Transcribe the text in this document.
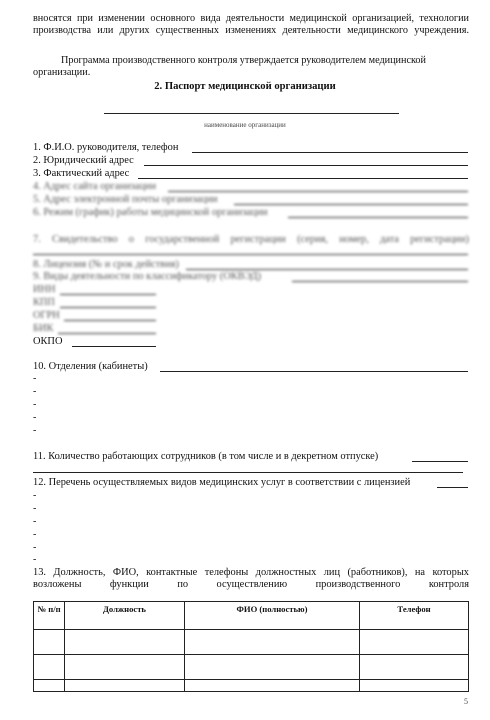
вносятся при изменении основного вида деятельности медицинской организацией, технологии производства или других существенных изменениях деятельности медицинского учреждения.
Программа производственного контроля утверждается руководителем медицинской организации.
2. Паспорт медицинской организации
наименование организации
1. Ф.И.О. руководителя, телефон
2. Юридический адрес
3. Фактический адрес
4. Адрес сайта организации
5. Адрес электронной почты организации
6. Режим (график) работы медицинской организации
7. Свидетельство о государственной регистрации (серия, номер, дата регистрации)
8. Лицензия (№ и срок действия)
9. Виды деятельности по классификатору (ОКВЭД)
ИНН
КПП
ОГРН
БИК
ОКПО
10. Отделения (кабинеты)
-
-
-
-
-
11. Количество работающих сотрудников (в том числе и в декретном отпуске)
12. Перечень осуществляемых видов медицинских услуг в соответствии с лицензией
-
-
-
-
-
-
13. Должность, ФИО, контактные телефоны должностных лиц (работников), на которых возложены функции по осуществлению производственного контроля
№ п/п	Должность	ФИО (полностью)	Телефон

5
